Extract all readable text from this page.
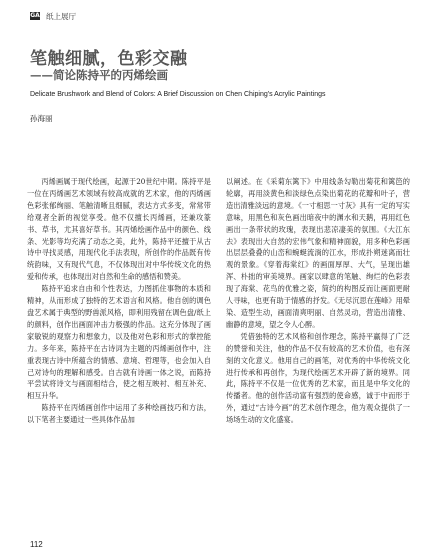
GA 纸上展厅
笔触细腻，色彩交融
——简论陈持平的丙烯绘画
Delicate Brushwork and Blend of Colors: A Brief Discussion on Chen Chiping's Acrylic Paintings
孙海丽

丙烯画属于现代绘画，起源于20世纪中期。陈持平是一位在丙烯画艺术领域有较高成就的艺术家，他的丙烯画色彩张郁绚丽、笔触清晰且细腻，表达方式多变，常常带给观者全新的视觉享受。他不仅擅长丙烯画，还兼攻篆书、草书，尤其喜好草书。其丙烯绘画作品中的颜色、线条、光影等均充满了动态之美，此外，陈持平还擅于从古诗中寻找灵感，用现代化手法表现，所创作的作品既有传统韵味，又有现代气息，不仅体现出对中华传统文化的热爱和传承，也体现出对自然和生命的感悟和赞美。

陈持平追求自由和个性表达，力图抓住事物的本质和精神，从而形成了独特的艺术语言和风格。他自创的调色盘艺术属于典型的野兽派风格，即利用残留在调色盘/纸上的颜料，创作出画面冲击力极强的作品。这充分体现了画家敏锐的观察力和想象力，以及他对色彩和形式的掌控能力。多年来，陈持平在古诗词为主题的丙烯画创作中，注重表现古诗中所蕴含的情感、意境、哲理等，也会加入自己对诗句的理解和感受。自古就有诗画一体之说，而陈持平尝试将诗文与画面相结合，使之相互映衬、相互补充、相互升华。

陈持平在丙烯画创作中运用了多种绘画技巧和方法，以下笔者主要通过一些具体作品加

以阐述。在《采菊东篱下》中用线条勾勒出菊花和篱笆的轮廓，再用淡黄色和淡绿色点染出菊花的花瓣和叶子，营造出清雅淡远的意境。《一寸相思一寸灰》具有一定的写实意味，用黑色和灰色画出暗夜中的渊水和天鹅，再用红色画出一条带状的玫瑰，表现出悲凉凄美的氛围。《大江东去》表现出大自然的宏伟气象和精神面貌，用多种色彩画出层层叠叠的山峦和蜿蜒流淌的江水，形成扑朔迷离而壮观的景象。《穿着海棠红》的画面厚厚、大气，呈现出雄浑、朴拙的审美境界。画家以肆意的笔触、绚烂的色彩表现了海棠、花鸟的优雅之姿，简约的构图反而让画面更耐人寻味，也更有助于情感的抒发。《无尽沉思在莲峰》用晕染、造型生动，画面清爽明丽、自然灵动，营造出清雅、幽静的意境，望之令人心醉。

凭借独特的艺术风格和创作理念，陈持平赢得了广泛的赞誉和关注，他的作品不仅有较高的艺术价值，也有深刻的文化意义。他用自己的画笔，对优秀的中华传统文化进行传承和再创作，为现代绘画艺术开辟了新的境界。同此，陈持平不仅是一位优秀的艺术家，而且是中华文化的传播者。他的创作活动富有强烈的使命感，诚于中而形于外，通过“古诗今画”的艺术创作理念，他为观众提供了一场场生动的文化盛宴。

112
